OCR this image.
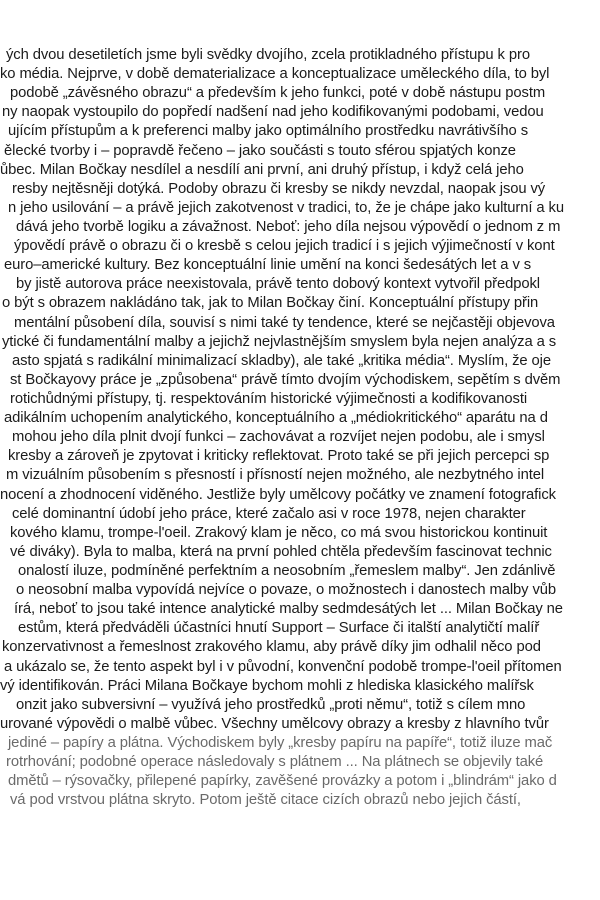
ých dvou desetiletích jsme byli svědky dvojího, zcela protikladného přístupu k pro
ko média. Nejprve, v době dematerializace a konceptualizace uměleckého díla, to byl
podobě „závěsného obrazu“ a především k jeho funkci, poté v době nástupu postm
ny naopak vystoupilo do popředí nadšení nad jeho kodifikovanými podobami, vedou
ujícím přístupům a k preferenci malby jako optimálního prostředku navrátivšího s
ělecké tvorby i – popravdě řečeno – jako součásti s touto sférou spjatých konze
ůbec. Milan Bočkay nesdílel a nesdílí ani první, ani druhý přístup, i když celá jeho
resby nejtěsněji dotýká. Podoby obrazu či kresby se nikdy nevzdal, naopak jsou vý
n jeho usilování – a právě jejich zakotvenost v tradici, to, že je chápe jako kulturní a ku
dává jeho tvorbě logiku a závažnost. Neboť: jeho díla nejsou výpovědí o jednom z m
ýpovědí právě o obrazu či o kresbě s celou jejich tradicí i s jejich výjimečností v kont
euro–americké kultury. Bez konceptuální linie umění na konci šedesátých let a v s
by jistě autorova práce neexistovala, právě tento dobový kontext vytvořil předpokl
o být s obrazem nakládáno tak, jak to Milan Bočkay činí. Konceptuální přístupy přin
mentální působení díla, souvisí s nimi také ty tendence, které se nejčastěji objevova
ytické či fundamentální malby a jejichž nejvlastnějším smyslem byla nejen analýza a s
asto spjatá s radikální minimalizací skladby), ale také „kritika média“. Myslím, že oje
st Bočkayovy práce je „způsobena“ právě tímto dvojím východiskem, sepětím s dvěm
rotichůdnými přístupy, tj. respektováním historické výjimečnosti a kodifikovanosti
adikálním uchopením analytického, konceptuálního a „médiokritického“ aparátu na d
mohou jeho díla plnit dvojí funkci – zachovávat a rozvíjet nejen podobu, ale i smysl
kresby a zároveň je zpytovat i kriticky reflektovat. Proto také se při jejich percepci sp
m vizuálním působením s přesností i přísností nejen možného, ale nezbytného intel
nocení a zhodnocení viděného. Jestliže byly umělcovy počátky ve znamení fotografick
celé dominantní údobí jeho práce, které začalo asi v roce 1978, nejen charakter
kového klamu, trompe-l'oeil. Zrakový klam je něco, co má svou historickou kontinuit
vé diváky). Byla to malba, která na první pohled chtěla především fascinovat technic
onalostí iluze, podmíněné perfektním a neosobním „řemeslem malby“. Jen zdánlivě
o neosobní malba vypovídá nejvíce o povaze, o možnostech i danostech malby vůb
írá, neboť to jsou také intence analytické malby sedmdesátých let ... Milan Bočkay ne
estům, která předváděli účastníci hnutí Support – Surface či italští analytičtí malíř
konzervativnost a řemeslnost zrakového klamu, aby právě díky jim odhalil něco pod
a ukázalo se, že tento aspekt byl i v původní, konvenční podobě trompe-l'oeil přítomen
vý identifikován. Práci Milana Bočkaye bychom mohli z hlediska klasického malířsk
onzit jako subversivní – využívá jeho prostředků „proti němu“, totiž s cílem mno
urované výpovědi o malbě vůbec. Všechny umělcovy obrazy a kresby z hlavního tvůr
jediné – papíry a plátna. Východiskem byly „kresby papíru na papíře“, totiž iluze mač
rotrhování; podobné operace následovaly s plátnem ... Na plátnech se objevily také
dmětů – rýsovačky, přilepené papírky, zavěšené provázky a potom i „blindrám“ jako d
vá pod vrstvou plátna skryto. Potom ještě citace cizích obrazů nebo jejich částí,
